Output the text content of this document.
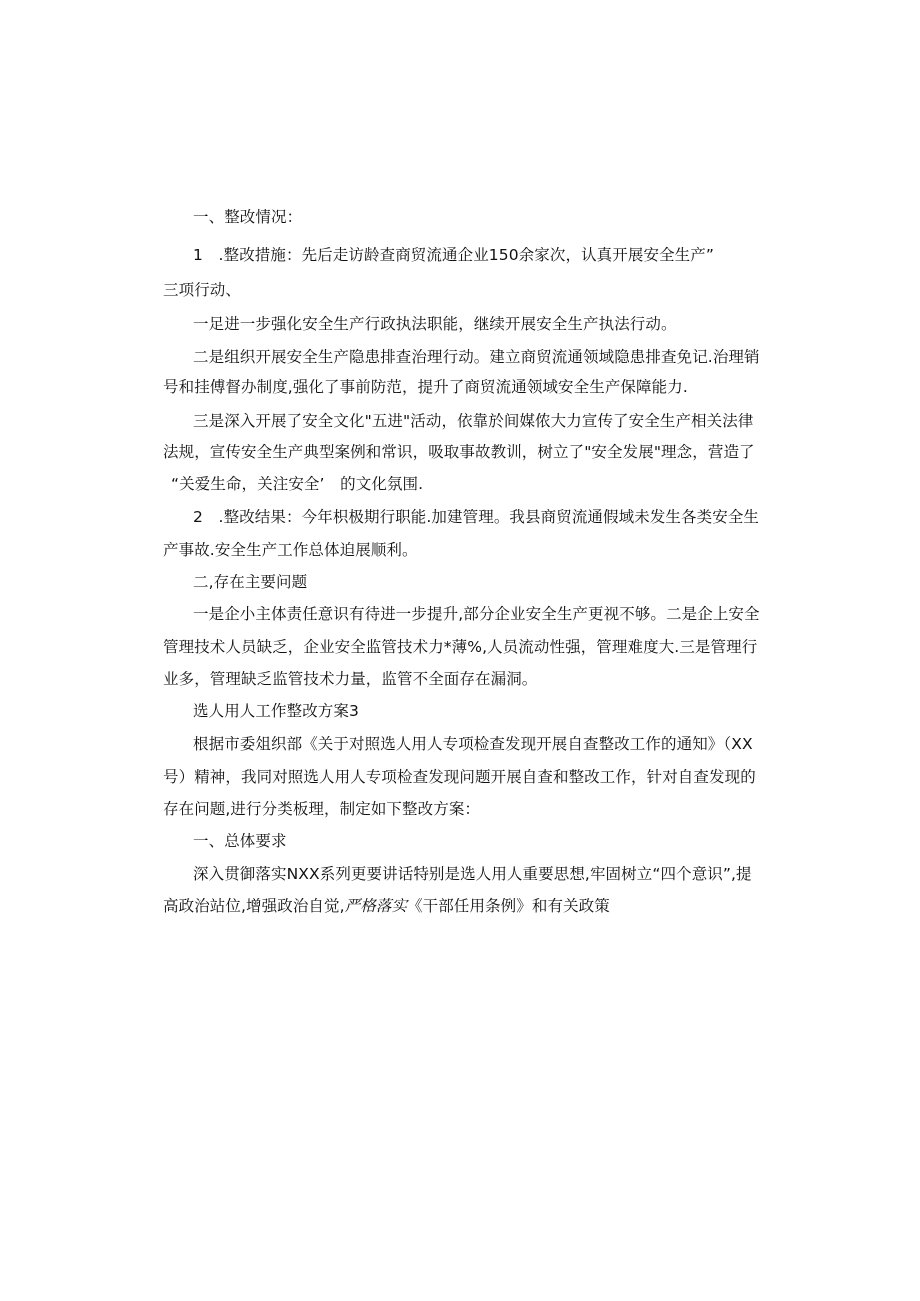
一、整改情况：
1　.整改措施：先后走访龄查商贸流通企业150余家次，认真开展安全生产”
三项行动、
一足进一步强化安全生产行政执法职能，继续开展安全生产执法行动。
二是组织开展安全生产隐患排查治理行动。建立商贸流通领域隐患排查免记.治理销
号和挂傅督办制度,强化了事前防范，提升了商贸流通领域安全生产保障能力.
三是深入开展了安全文化"五进"活动，依靠於间媒侬大力宣传了安全生产相关法律
法规，宣传安全生产典型案例和常识，吸取事故教训，树立了"安全发展"理念，营造了
“关爱生命，关注安全’　的文化氛围.
2　.整改结果：今年枳极期行职能.加建管理。我县商贸流通假域未发生各类安全生
产事故.安全生产工作总体迫展顺利。
二,存在主要问题
一是企小主体责任意识有待进一步提升,部分企业安全生产更视不够。二是企上安全
管理技术人员缺乏，企业安全监管技术力*薄%,人员流动性强，管理难度大.三是管理行
业多，管理缺乏监管技术力量，监管不全面存在漏洞。
选人用人工作整改方案3
根据市委俎织部《关于对照选人用人专项检查发现开展自查整改工作的通知》（XX
号）精神，我同对照选人用人专项检查发现问题开展自查和整改工作，针对自查发现的
存在问题,进行分类板理，制定如下整改方案：
一、总体要求
深入贯御落实NXX系列更要讲话特别是选人用人重要思想,牢固树立“四个意识”,提
高政治站位,增强政治自觉,严格落实《干部任用条例》和有关政策
